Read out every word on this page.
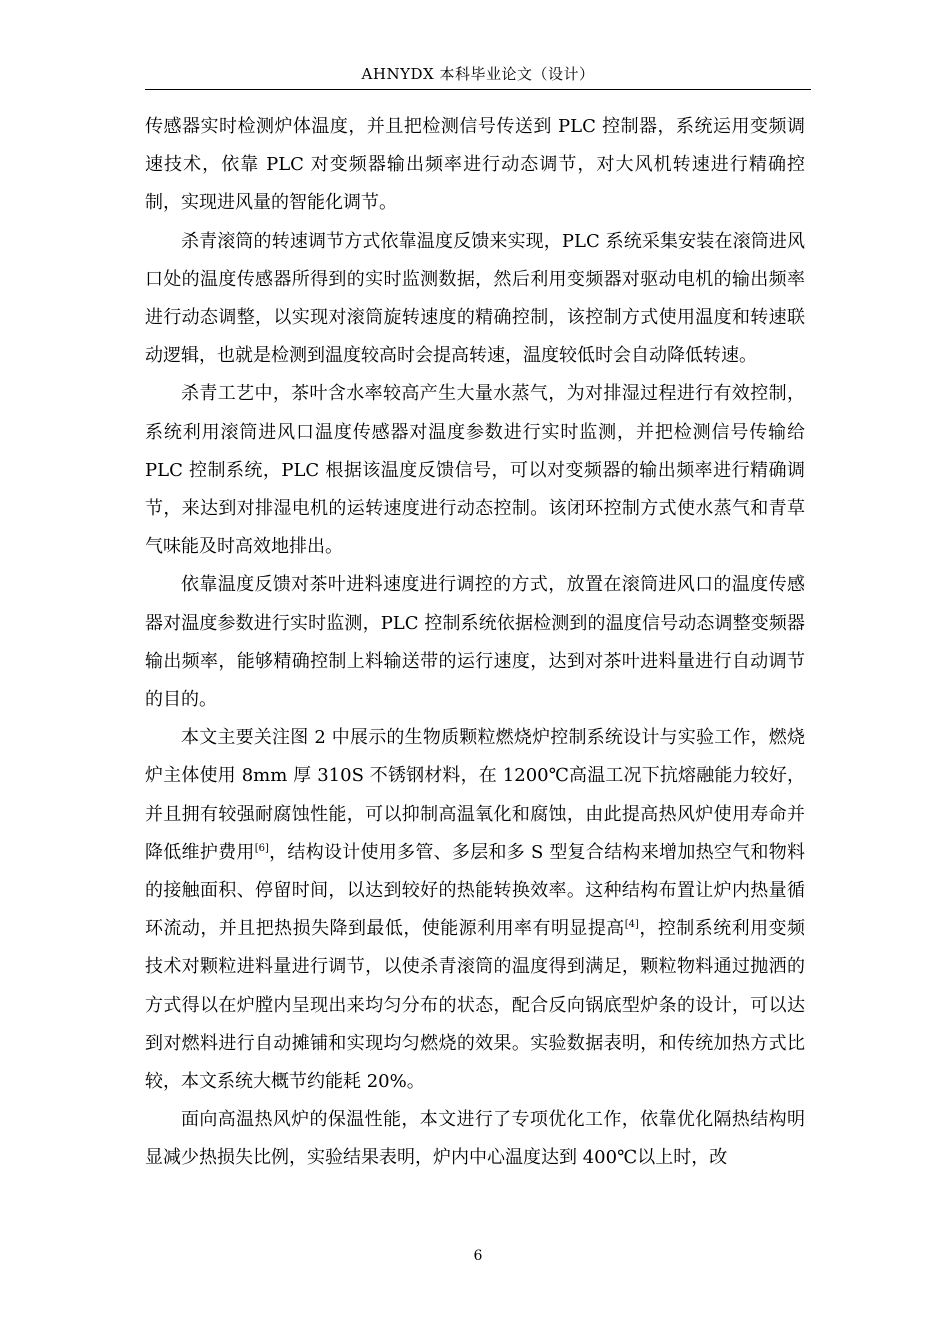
AHNYDX 本科毕业论文（设计）

传感器实时检测炉体温度，并且把检测信号传送到 PLC 控制器，系统运用变频调速技术，依靠 PLC 对变频器输出频率进行动态调节，对大风机转速进行精确控制，实现进风量的智能化调节。

杀青滚筒的转速调节方式依靠温度反馈来实现，PLC 系统采集安装在滚筒进风口处的温度传感器所得到的实时监测数据，然后利用变频器对驱动电机的输出频率进行动态调整，以实现对滚筒旋转速度的精确控制，该控制方式使用温度和转速联动逻辑，也就是检测到温度较高时会提高转速，温度较低时会自动降低转速。

杀青工艺中，茶叶含水率较高产生大量水蒸气，为对排湿过程进行有效控制，系统利用滚筒进风口温度传感器对温度参数进行实时监测，并把检测信号传输给 PLC 控制系统，PLC 根据该温度反馈信号，可以对变频器的输出频率进行精确调节，来达到对排湿电机的运转速度进行动态控制。该闭环控制方式使水蒸气和青草气味能及时高效地排出。

依靠温度反馈对茶叶进料速度进行调控的方式，放置在滚筒进风口的温度传感器对温度参数进行实时监测，PLC 控制系统依据检测到的温度信号动态调整变频器输出频率，能够精确控制上料输送带的运行速度，达到对茶叶进料量进行自动调节的目的。

本文主要关注图 2 中展示的生物质颗粒燃烧炉控制系统设计与实验工作，燃烧炉主体使用 8mm 厚 310S 不锈钢材料，在 1200℃高温工况下抗熔融能力较好，并且拥有较强耐腐蚀性能，可以抑制高温氧化和腐蚀，由此提高热风炉使用寿命并降低维护费用[6]，结构设计使用多管、多层和多 S 型复合结构来增加热空气和物料的接触面积、停留时间，以达到较好的热能转换效率。这种结构布置让炉内热量循环流动，并且把热损失降到最低，使能源利用率有明显提高[4]，控制系统利用变频技术对颗粒进料量进行调节，以使杀青滚筒的温度得到满足，颗粒物料通过抛洒的方式得以在炉膛内呈现出来均匀分布的状态，配合反向锅底型炉条的设计，可以达到对燃料进行自动摊铺和实现均匀燃烧的效果。实验数据表明，和传统加热方式比较，本文系统大概节约能耗 20%。

面向高温热风炉的保温性能，本文进行了专项优化工作，依靠优化隔热结构明显减少热损失比例，实验结果表明，炉内中心温度达到 400℃以上时，改

6
